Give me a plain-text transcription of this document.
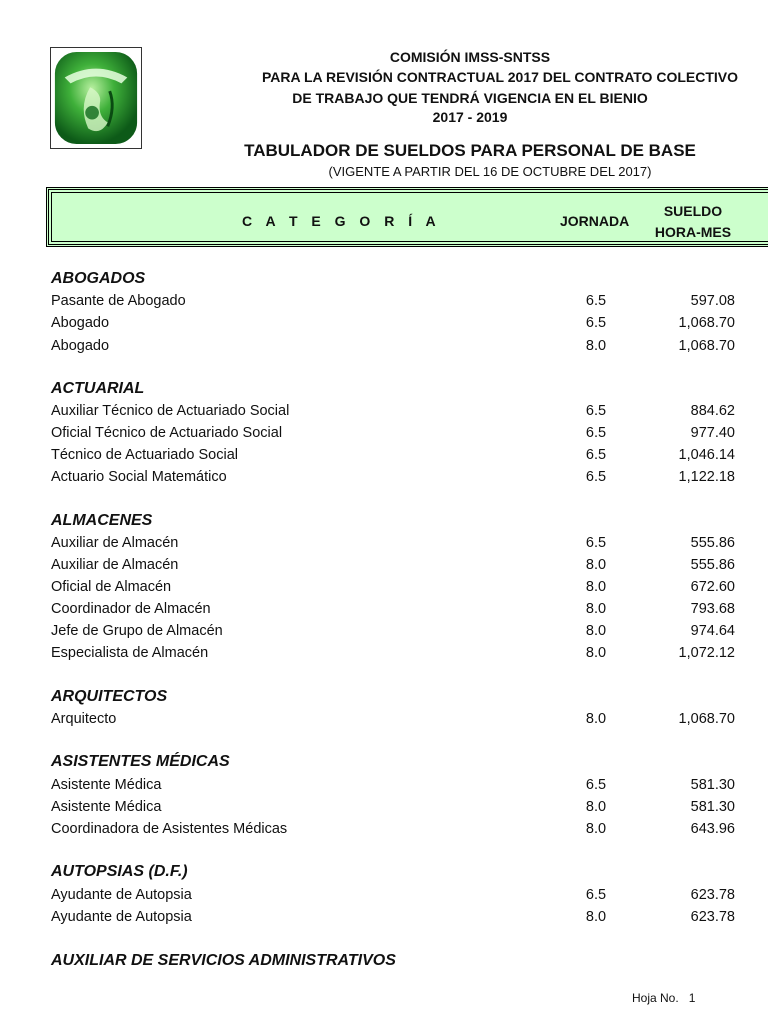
COMISIÓN IMSS-SNTSS
PARA LA REVISIÓN CONTRACTUAL 2017 DEL CONTRATO COLECTIVO
DE TRABAJO QUE TENDRÁ VIGENCIA EN EL BIENIO
2017 - 2019
TABULADOR DE SUELDOS PARA PERSONAL DE BASE
(VIGENTE A PARTIR DEL 16 DE OCTUBRE DEL 2017)
C A T E G O R Í A	JORNADA
SUELDO
HORA-MES
ABOGADOS
Pasante de Abogado	6.5	597.08
Abogado	6.5	1,068.70
Abogado	8.0	1,068.70
ACTUARIAL
Auxiliar Técnico de Actuariado Social	6.5	884.62
Oficial Técnico de Actuariado Social	6.5	977.40
Técnico de Actuariado Social	6.5	1,046.14
Actuario Social Matemático	6.5	1,122.18
ALMACENES
Auxiliar de Almacén	6.5	555.86
Auxiliar de Almacén	8.0	555.86
Oficial de Almacén	8.0	672.60
Coordinador de Almacén	8.0	793.68
Jefe de Grupo de Almacén	8.0	974.64
Especialista de Almacén	8.0	1,072.12
ARQUITECTOS
Arquitecto	8.0	1,068.70
ASISTENTES MÉDICAS
Asistente Médica	6.5	581.30
Asistente Médica	8.0	581.30
Coordinadora de Asistentes Médicas	8.0	643.96
AUTOPSIAS (D.F.)
Ayudante de Autopsia	6.5	623.78
Ayudante de Autopsia	8.0	623.78
AUXILIAR DE SERVICIOS ADMINISTRATIVOS
Hoja No. 1
